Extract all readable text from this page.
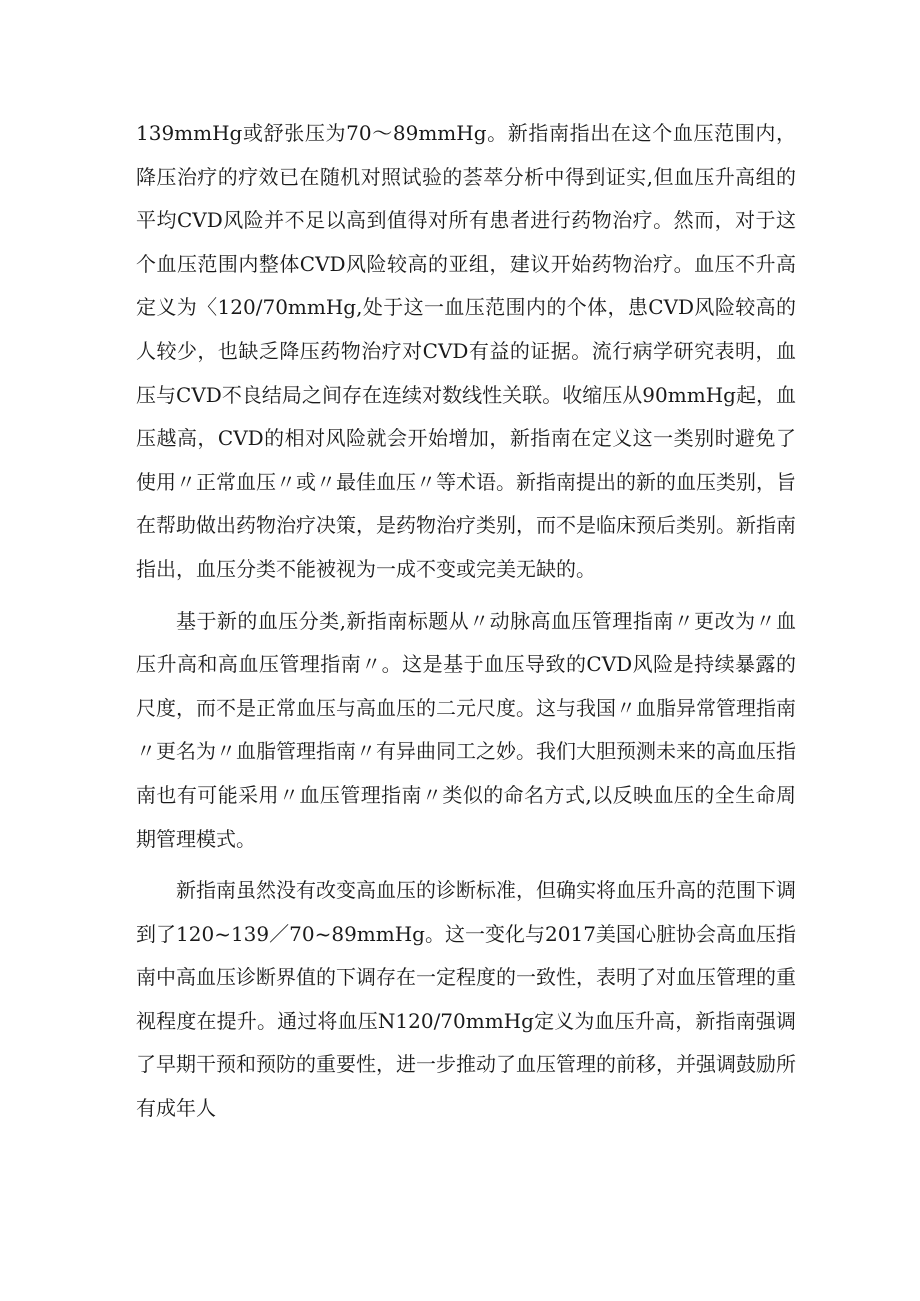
139mmHg或舒张压为70～89mmHg。新指南指出在这个血压范围内，降压治疗的疗效已在随机对照试验的荟萃分析中得到证实,但血压升高组的平均CVD风险并不足以高到值得对所有患者进行药物治疗。然而，对于这个血压范围内整体CVD风险较高的亚组，建议开始药物治疗。血压不升高定义为〈120/70mmHg,处于这一血压范围内的个体，患CVD风险较高的人较少，也缺乏降压药物治疗对CVD有益的证据。流行病学研究表明，血压与CVD不良结局之间存在连续对数线性关联。收缩压从90mmHg起，血压越高，CVD的相对风险就会开始增加，新指南在定义这一类别时避免了使用〃正常血压〃或〃最佳血压〃等术语。新指南提出的新的血压类别，旨在帮助做出药物治疗决策，是药物治疗类别，而不是临床预后类别。新指南指出，血压分类不能被视为一成不变或完美无缺的。

基于新的血压分类,新指南标题从〃动脉高血压管理指南〃更改为〃血压升高和高血压管理指南〃。这是基于血压导致的CVD风险是持续暴露的尺度，而不是正常血压与高血压的二元尺度。这与我国〃血脂异常管理指南〃更名为〃血脂管理指南〃有异曲同工之妙。我们大胆预测未来的高血压指南也有可能采用〃血压管理指南〃类似的命名方式,以反映血压的全生命周期管理模式。

新指南虽然没有改变高血压的诊断标准，但确实将血压升高的范围下调到了120~139／70~89mmHg。这一变化与2017美国心脏协会高血压指南中高血压诊断界值的下调存在一定程度的一致性，表明了对血压管理的重视程度在提升。通过将血压N120/70mmHg定义为血压升高，新指南强调了早期干预和预防的重要性，进一步推动了血压管理的前移，并强调鼓励所有成年人
